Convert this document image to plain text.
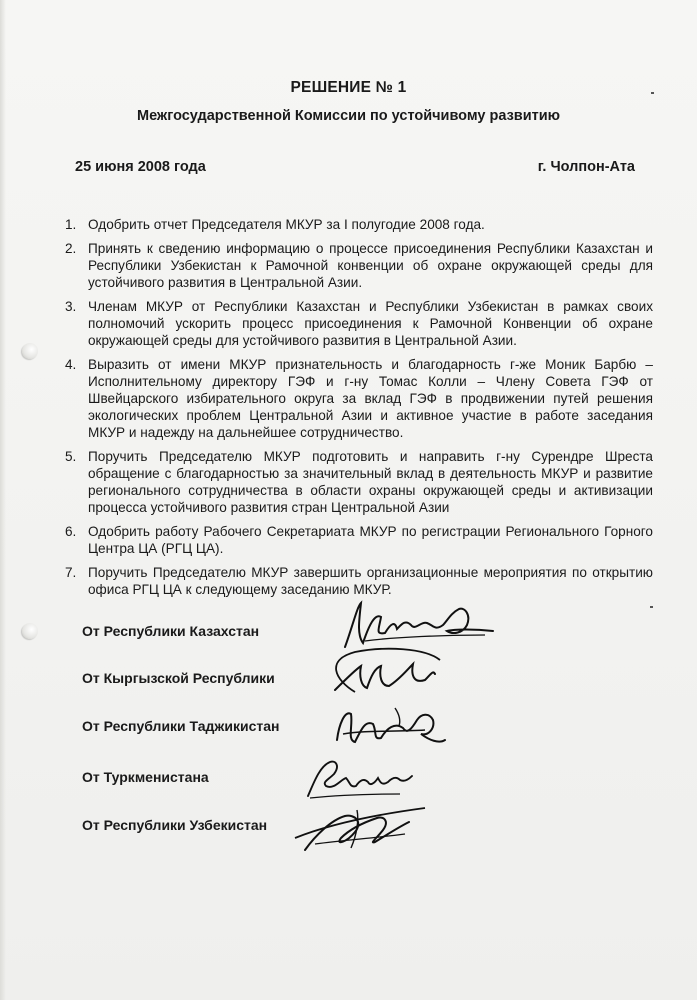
РЕШЕНИЕ № 1
Межгосударственной Комиссии по устойчивому развитию
25 июня 2008 года	г. Чолпон-Ата
1. Одобрить отчет Председателя МКУР за I полугодие 2008 года.
2. Принять к сведению информацию о процессе присоединения Республики Казахстан и Республики Узбекистан к Рамочной конвенции об охране окружающей среды для устойчивого развития в Центральной Азии.
3. Членам МКУР от Республики Казахстан и Республики Узбекистан в рамках своих полномочий ускорить процесс присоединения к Рамочной Конвенции об охране окружающей среды для устойчивого развития в Центральной Азии.
4. Выразить от имени МКУР признательность и благодарность г-же Моник Барбю – Исполнительному директору ГЭФ и г-ну Томас Колли – Члену Совета ГЭФ от Швейцарского избирательного округа за вклад ГЭФ в продвижении путей решения экологических проблем Центральной Азии и активное участие в работе заседания МКУР и надежду на дальнейшее сотрудничество.
5. Поручить Председателю МКУР подготовить и направить г-ну Сурендре Шреста обращение с благодарностью за значительный вклад в деятельность МКУР и развитие регионального сотрудничества в области охраны окружающей среды и активизации процесса устойчивого развития стран Центральной Азии
6. Одобрить работу Рабочего Секретариата МКУР по регистрации Регионального Горного Центра ЦА (РГЦ ЦА).
7. Поручить Председателю МКУР завершить организационные мероприятия по открытию офиса РГЦ ЦА к следующему заседанию МКУР.
От Республики Казахстан
От Кыргызской Республики
От Республики Таджикистан
От Туркменистана
От Республики Узбекистан
